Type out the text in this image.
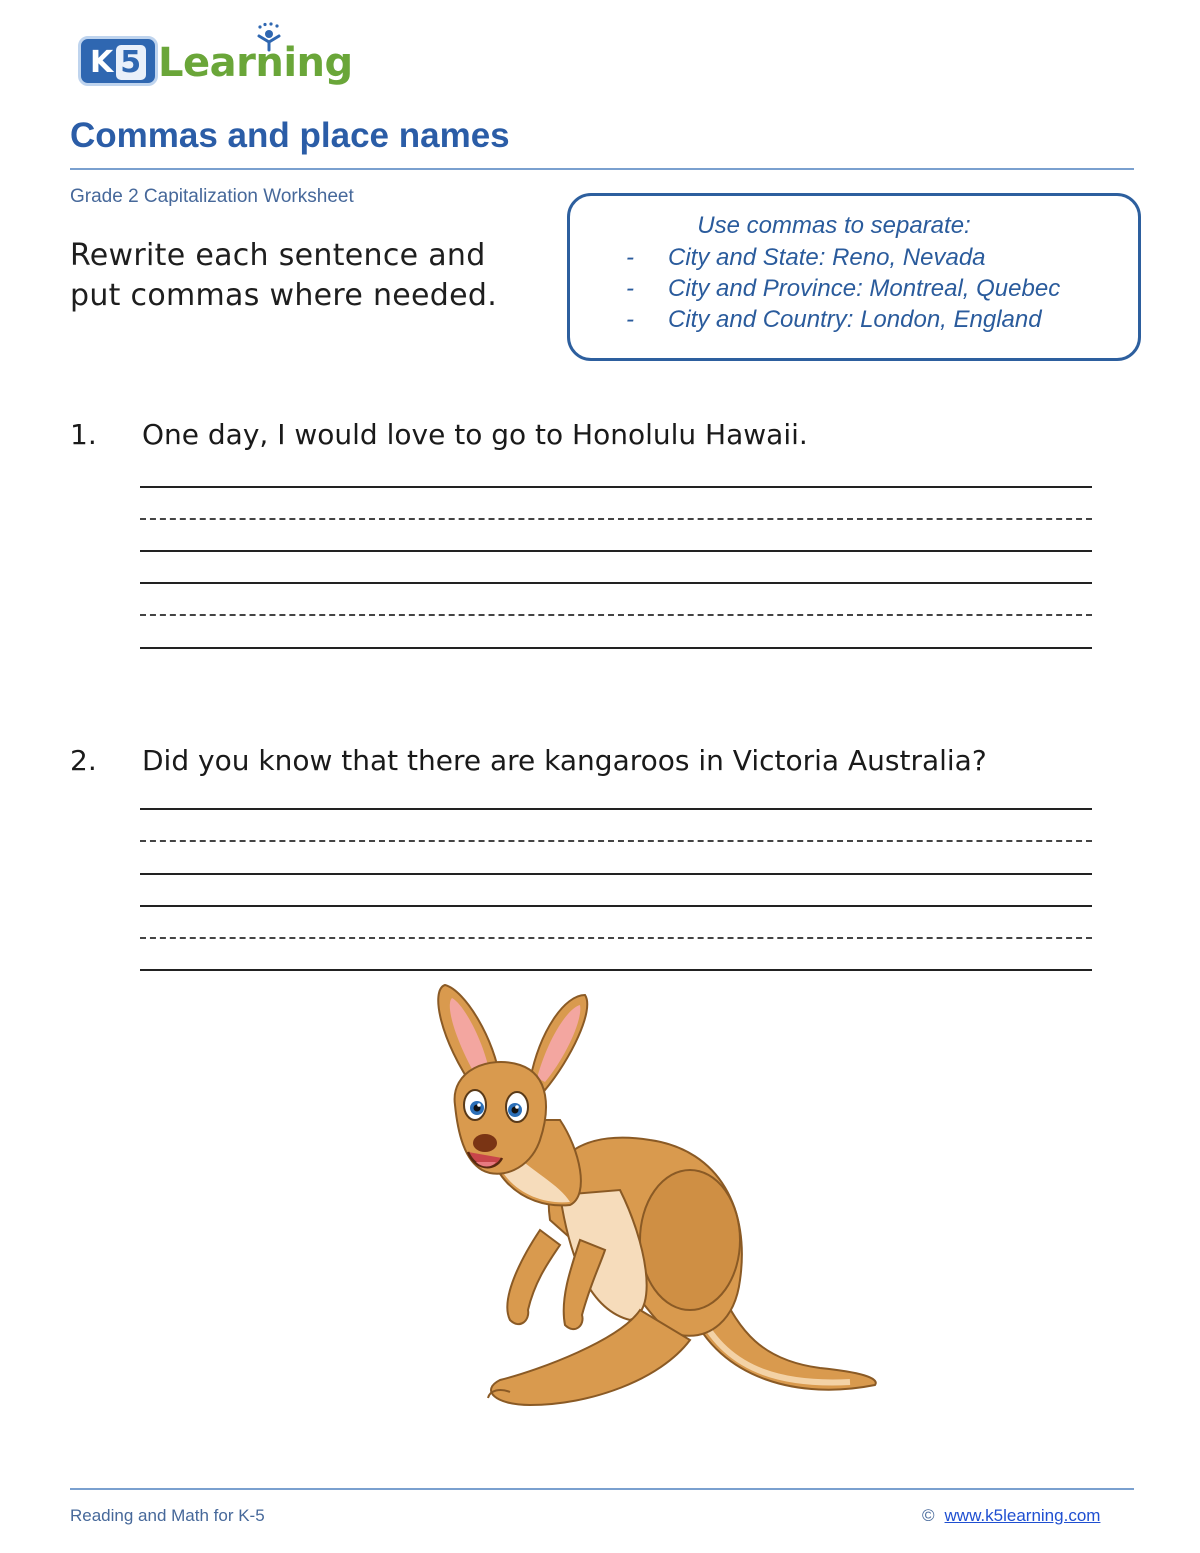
K 5 Learning
Commas and place names
Grade 2 Capitalization Worksheet
Rewrite each sentence and
put commas where needed.
Use commas to separate:
- City and State: Reno, Nevada
- City and Province: Montreal, Quebec
- City and Country: London, England
1. One day, I would love to go to Honolulu Hawaii.
2. Did you know that there are kangaroos in Victoria Australia?
Reading and Math for K-5	© www.k5learning.com
